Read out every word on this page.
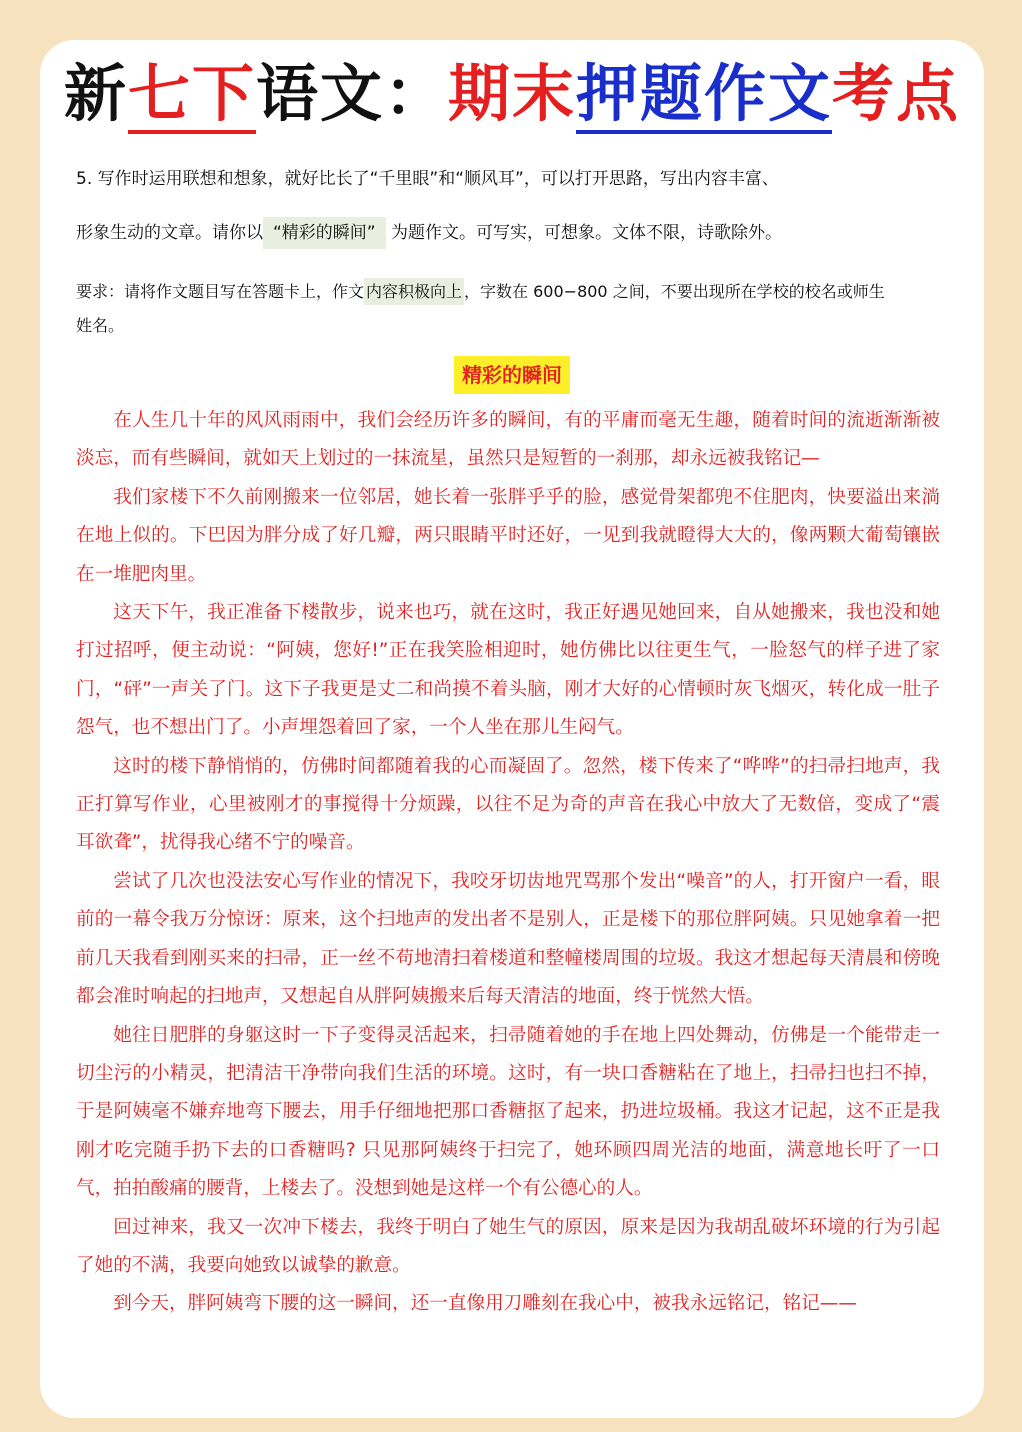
新七下语文：期末押题作文考点
5. 写作时运用联想和想象，就好比长了“千里眼”和“顺风耳”，可以打开思路，写出内容丰富、
形象生动的文章。请你以 “精彩的瞬间” 为题作文。可写实，可想象。文体不限，诗歌除外。
要求：请将作文题目写在答题卡上，作文 内容积极向上 ，字数在 600−800 之间，不要出现所在学校的校名或师生
姓名。
精彩的瞬间

在人生几十年的风风雨雨中，我们会经历许多的瞬间，有的平庸而毫无生趣，随着时间的流逝渐渐被淡忘，而有些瞬间，就如天上划过的一抹流星，虽然只是短暂的一刹那，却永远被我铭记—

我们家楼下不久前刚搬来一位邻居，她长着一张胖乎乎的脸，感觉骨架都兜不住肥肉，快要溢出来淌在地上似的。下巴因为胖分成了好几瓣，两只眼睛平时还好，一见到我就瞪得大大的，像两颗大葡萄镶嵌在一堆肥肉里。

这天下午，我正准备下楼散步，说来也巧，就在这时，我正好遇见她回来，自从她搬来，我也没和她打过招呼，便主动说：“阿姨，您好!”正在我笑脸相迎时，她仿佛比以往更生气，一脸怒气的样子进了家门，“砰”一声关了门。这下子我更是丈二和尚摸不着头脑，刚才大好的心情顿时灰飞烟灭，转化成一肚子怨气，也不想出门了。小声埋怨着回了家，一个人坐在那儿生闷气。

这时的楼下静悄悄的，仿佛时间都随着我的心而凝固了。忽然，楼下传来了“哗哗”的扫帚扫地声，我正打算写作业，心里被刚才的事搅得十分烦躁，以往不足为奇的声音在我心中放大了无数倍，变成了“震耳欲聋”，扰得我心绪不宁的噪音。

尝试了几次也没法安心写作业的情况下，我咬牙切齿地咒骂那个发出“噪音”的人，打开窗户一看，眼前的一幕令我万分惊讶：原来，这个扫地声的发出者不是别人，正是楼下的那位胖阿姨。只见她拿着一把前几天我看到刚买来的扫帚，正一丝不苟地清扫着楼道和整幢楼周围的垃圾。我这才想起每天清晨和傍晚都会准时响起的扫地声，又想起自从胖阿姨搬来后每天清洁的地面，终于恍然大悟。

她往日肥胖的身躯这时一下子变得灵活起来，扫帚随着她的手在地上四处舞动，仿佛是一个能带走一切尘污的小精灵，把清洁干净带向我们生活的环境。这时，有一块口香糖粘在了地上，扫帚扫也扫不掉，于是阿姨毫不嫌弃地弯下腰去，用手仔细地把那口香糖抠了起来，扔进垃圾桶。我这才记起，这不正是我刚才吃完随手扔下去的口香糖吗? 只见那阿姨终于扫完了，她环顾四周光洁的地面，满意地长吁了一口气，拍拍酸痛的腰背，上楼去了。没想到她是这样一个有公德心的人。

回过神来，我又一次冲下楼去，我终于明白了她生气的原因，原来是因为我胡乱破坏环境的行为引起了她的不满，我要向她致以诚挚的歉意。

到今天，胖阿姨弯下腰的这一瞬间，还一直像用刀雕刻在我心中，被我永远铭记，铭记——
